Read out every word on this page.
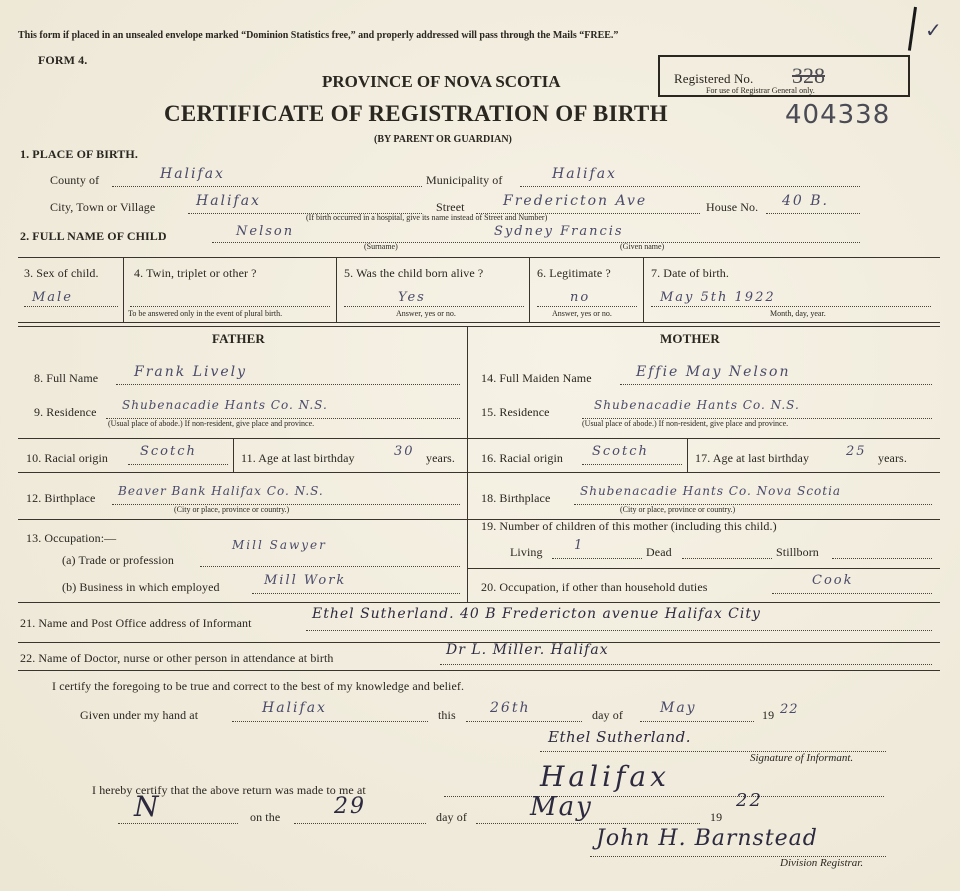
This form if placed in an unsealed envelope marked “Dominion Statistics free,” and properly addressed will pass through the Mails “FREE.”	✓
FORM 4.
Registered No. 328
For use of Registrar General only.
PROVINCE OF NOVA SCOTIA
CERTIFICATE OF REGISTRATION OF BIRTH	404338
(BY PARENT OR GUARDIAN)
1. PLACE OF BIRTH.
County of	Halifax	Municipality of	Halifax
City, Town or Village	Halifax	Street	Fredericton Ave	House No. 40 B.
(If birth occurred in a hospital, give its name instead of Street and Number)
2. FULL NAME OF CHILD	Nelson	Sydney Francis
(Surname)	(Given name)
3. Sex of child.
Male
4. Twin, triplet or other ?
To be answered only in the event of plural birth.
5. Was the child born alive ?
Yes
Answer, yes or no.
6. Legitimate ?
no
Answer, yes or no.
7. Date of birth.
May 5th 1922
Month, day, year.
FATHER	MOTHER
8. Full Name	Frank Lively
9. Residence Shubenacadie Hants Co. N.S.
(Usual place of abode.) If non-resident, give place and province.
10. Racial origin Scotch	11. Age at last birthday	30 years.
12. Birthplace Beaver Bank Halifax Co. N.S.
(City or place, province or country.)
13. Occupation:—
(a) Trade or profession
Mill Sawyer
(b) Business in which employed	Mill Work
14. Full Maiden Name	Effie May Nelson
15. Residence	Shubenacadie Hants Co. N.S.
(Usual place of abode.) If non-resident, give place and province.
16. Racial origin Scotch	17. Age at last birthday	25 years.
18. Birthplace Shubenacadie Hants Co. Nova Scotia
(City or place, province or country.)
19. Number of children of this mother (including this child.)
Living 1	Dead	Stillborn
20. Occupation, if other than household duties	Cook
21. Name and Post Office address of Informant
Ethel Sutherland. 40 B Fredericton avenue Halifax City
22. Name of Doctor, nurse or other person in attendance at birth	Dr L. Miller. Halifax
I certify the foregoing to be true and correct to the best of my knowledge and belief.
Given under my hand at	Halifax	this 26th	day of	May	19 22
Ethel Sutherland.
Signature of Informant.
I hereby certify that the above return was made to me at	Halifax
N	on the 29	day of May	19
22
John H. Barnstead
Division Registrar.
